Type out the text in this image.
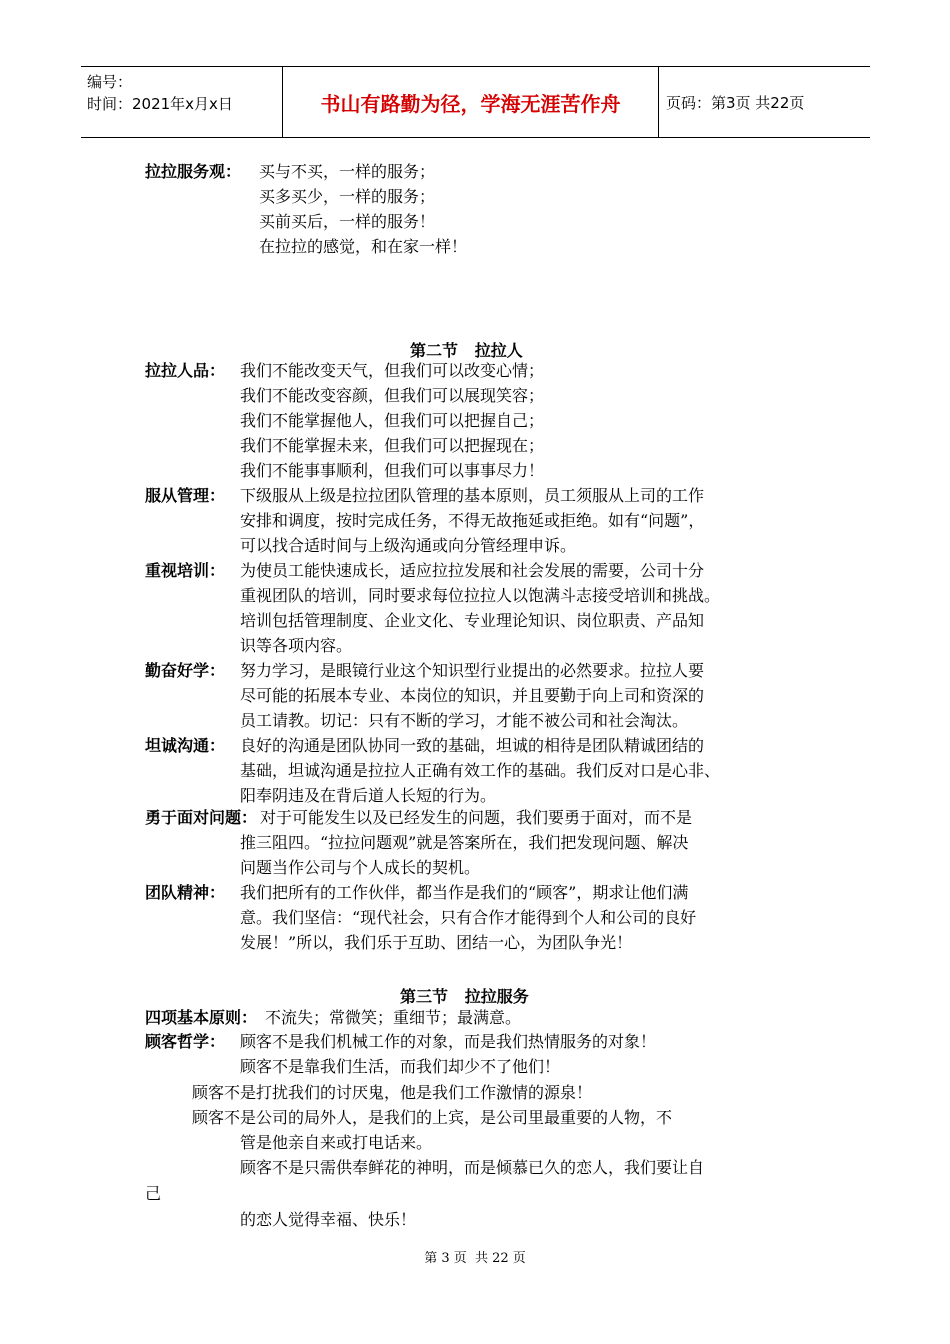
编号：
时间：2021年x月x日	书山有路勤为径，学海无涯苦作舟	页码：第3页 共22页
拉拉服务观： 买与不买，一样的服务；
买多买少，一样的服务；
买前买后，一样的服务！
在拉拉的感觉，和在家一样！
第二节   拉拉人
拉拉人品： 我们不能改变天气，但我们可以改变心情；
我们不能改变容颜，但我们可以展现笑容；
我们不能掌握他人，但我们可以把握自己；
我们不能掌握未来，但我们可以把握现在；
我们不能事事顺利，但我们可以事事尽力！
服从管理： 下级服从上级是拉拉团队管理的基本原则，员工须服从上司的工作
安排和调度，按时完成任务，不得无故拖延或拒绝。如有“问题”，
可以找合适时间与上级沟通或向分管经理申诉。
重视培训： 为使员工能快速成长，适应拉拉发展和社会发展的需要，公司十分
重视团队的培训，同时要求每位拉拉人以饱满斗志接受培训和挑战。
培训包括管理制度、企业文化、专业理论知识、岗位职责、产品知
识等各项内容。
勤奋好学： 努力学习，是眼镜行业这个知识型行业提出的必然要求。拉拉人要
尽可能的拓展本专业、本岗位的知识，并且要勤于向上司和资深的
员工请教。切记：只有不断的学习，才能不被公司和社会淘汰。
坦诚沟通： 良好的沟通是团队协同一致的基础，坦诚的相待是团队精诚团结的
基础，坦诚沟通是拉拉人正确有效工作的基础。我们反对口是心非、
阳奉阴违及在背后道人长短的行为。
勇于面对问题： 对于可能发生以及已经发生的问题，我们要勇于面对，而不是
推三阻四。“拉拉问题观”就是答案所在，我们把发现问题、解决
问题当作公司与个人成长的契机。
团队精神： 我们把所有的工作伙伴，都当作是我们的“顾客”，期求让他们满
意。我们坚信：“现代社会，只有合作才能得到个人和公司的良好
发展！”所以，我们乐于互助、团结一心，为团队争光！
第三节   拉拉服务
四项基本原则： 不流失；常微笑；重细节；最满意。
顾客哲学： 顾客不是我们机械工作的对象，而是我们热情服务的对象！
顾客不是靠我们生活，而我们却少不了他们！
顾客不是打扰我们的讨厌鬼，他是我们工作激情的源泉！
顾客不是公司的局外人，是我们的上宾，是公司里最重要的人物，不
管是他亲自来或打电话来。
顾客不是只需供奉鲜花的神明，而是倾慕已久的恋人，我们要让自
己
的恋人觉得幸福、快乐！
第 3 页  共 22 页
